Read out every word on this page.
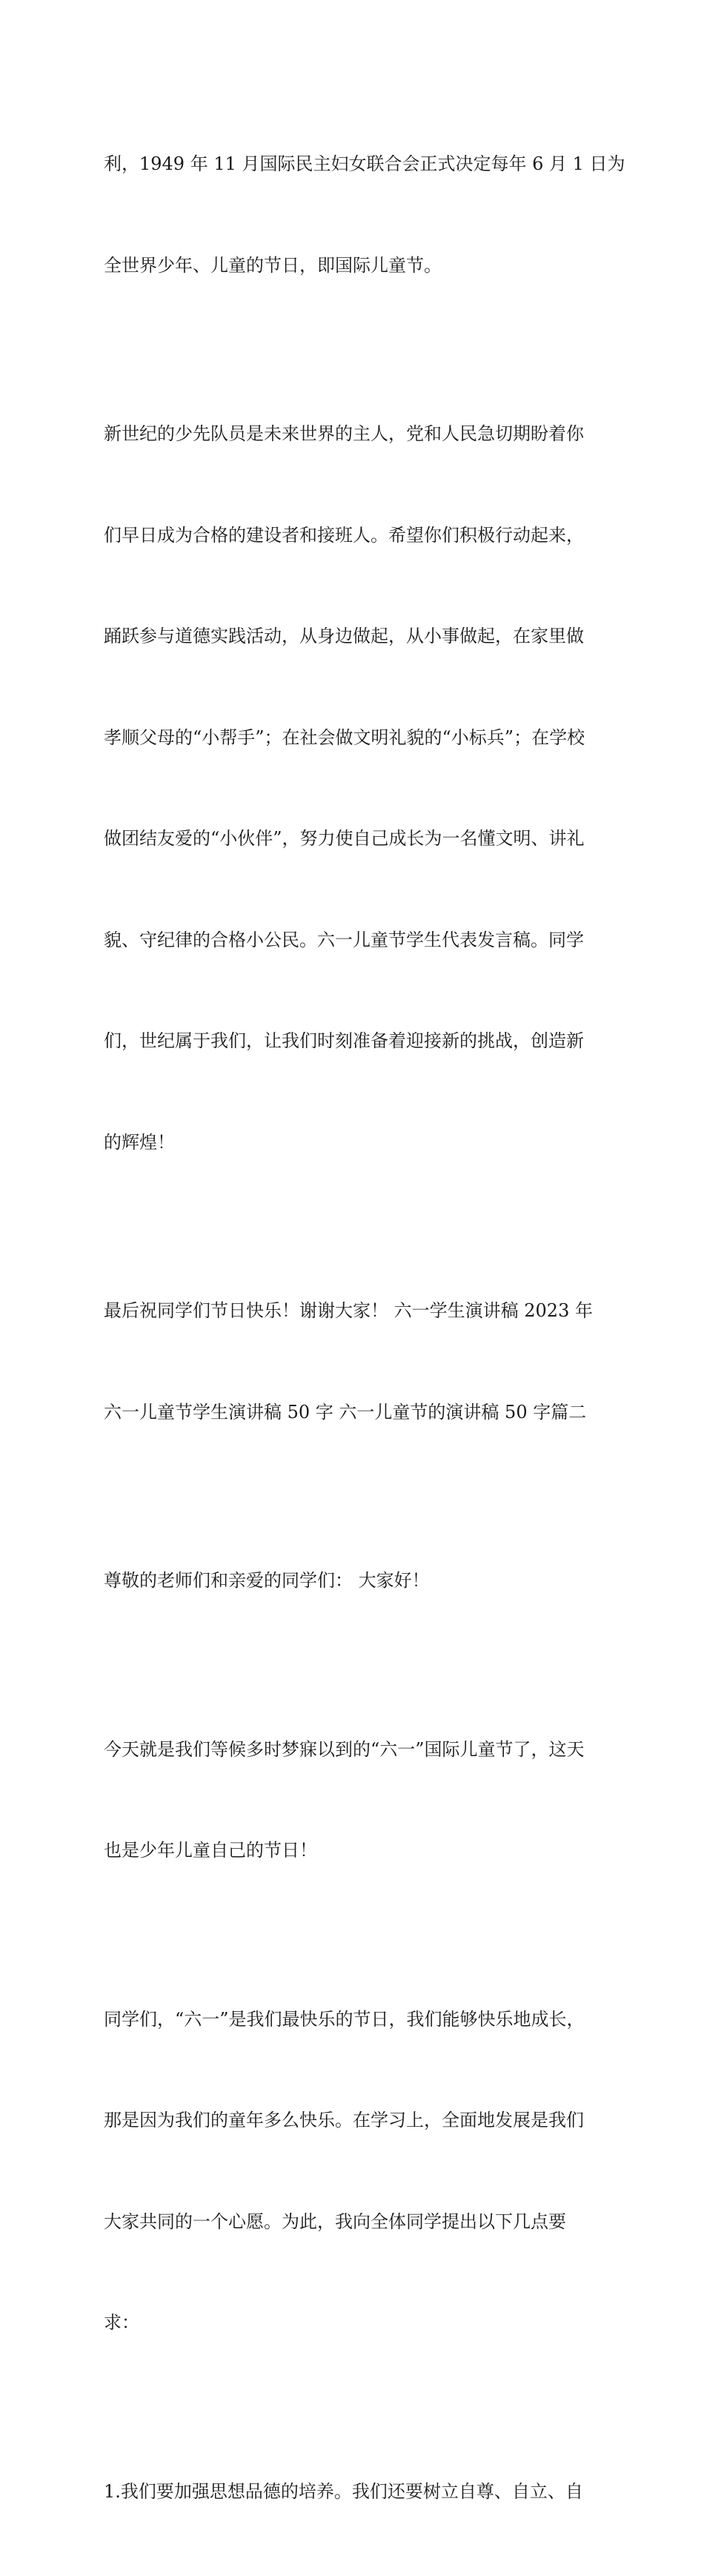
利，1949 年 11 月国际民主妇女联合会正式决定每年 6 月 1 日为

全世界少年、儿童的节日，即国际儿童节。

新世纪的少先队员是未来世界的主人，党和人民急切期盼着你

们早日成为合格的建设者和接班人。希望你们积极行动起来，

踊跃参与道德实践活动，从身边做起，从小事做起，在家里做

孝顺父母的“小帮手”；在社会做文明礼貌的“小标兵”；在学校

做团结友爱的“小伙伴”，努力使自己成长为一名懂文明、讲礼

貌、守纪律的合格小公民。六一儿童节学生代表发言稿。同学

们，世纪属于我们，让我们时刻准备着迎接新的挑战，创造新

的辉煌！

最后祝同学们节日快乐！谢谢大家！ 六一学生演讲稿 2023 年

六一儿童节学生演讲稿 50 字 六一儿童节的演讲稿 50 字篇二

尊敬的老师们和亲爱的同学们： 大家好！

今天就是我们等候多时梦寐以到的“六一”国际儿童节了，这天

也是少年儿童自己的节日！

同学们，“六一”是我们最快乐的节日，我们能够快乐地成长，

那是因为我们的童年多么快乐。在学习上，全面地发展是我们

大家共同的一个心愿。为此，我向全体同学提出以下几点要

求：

1.我们要加强思想品德的培养。我们还要树立自尊、自立、自
